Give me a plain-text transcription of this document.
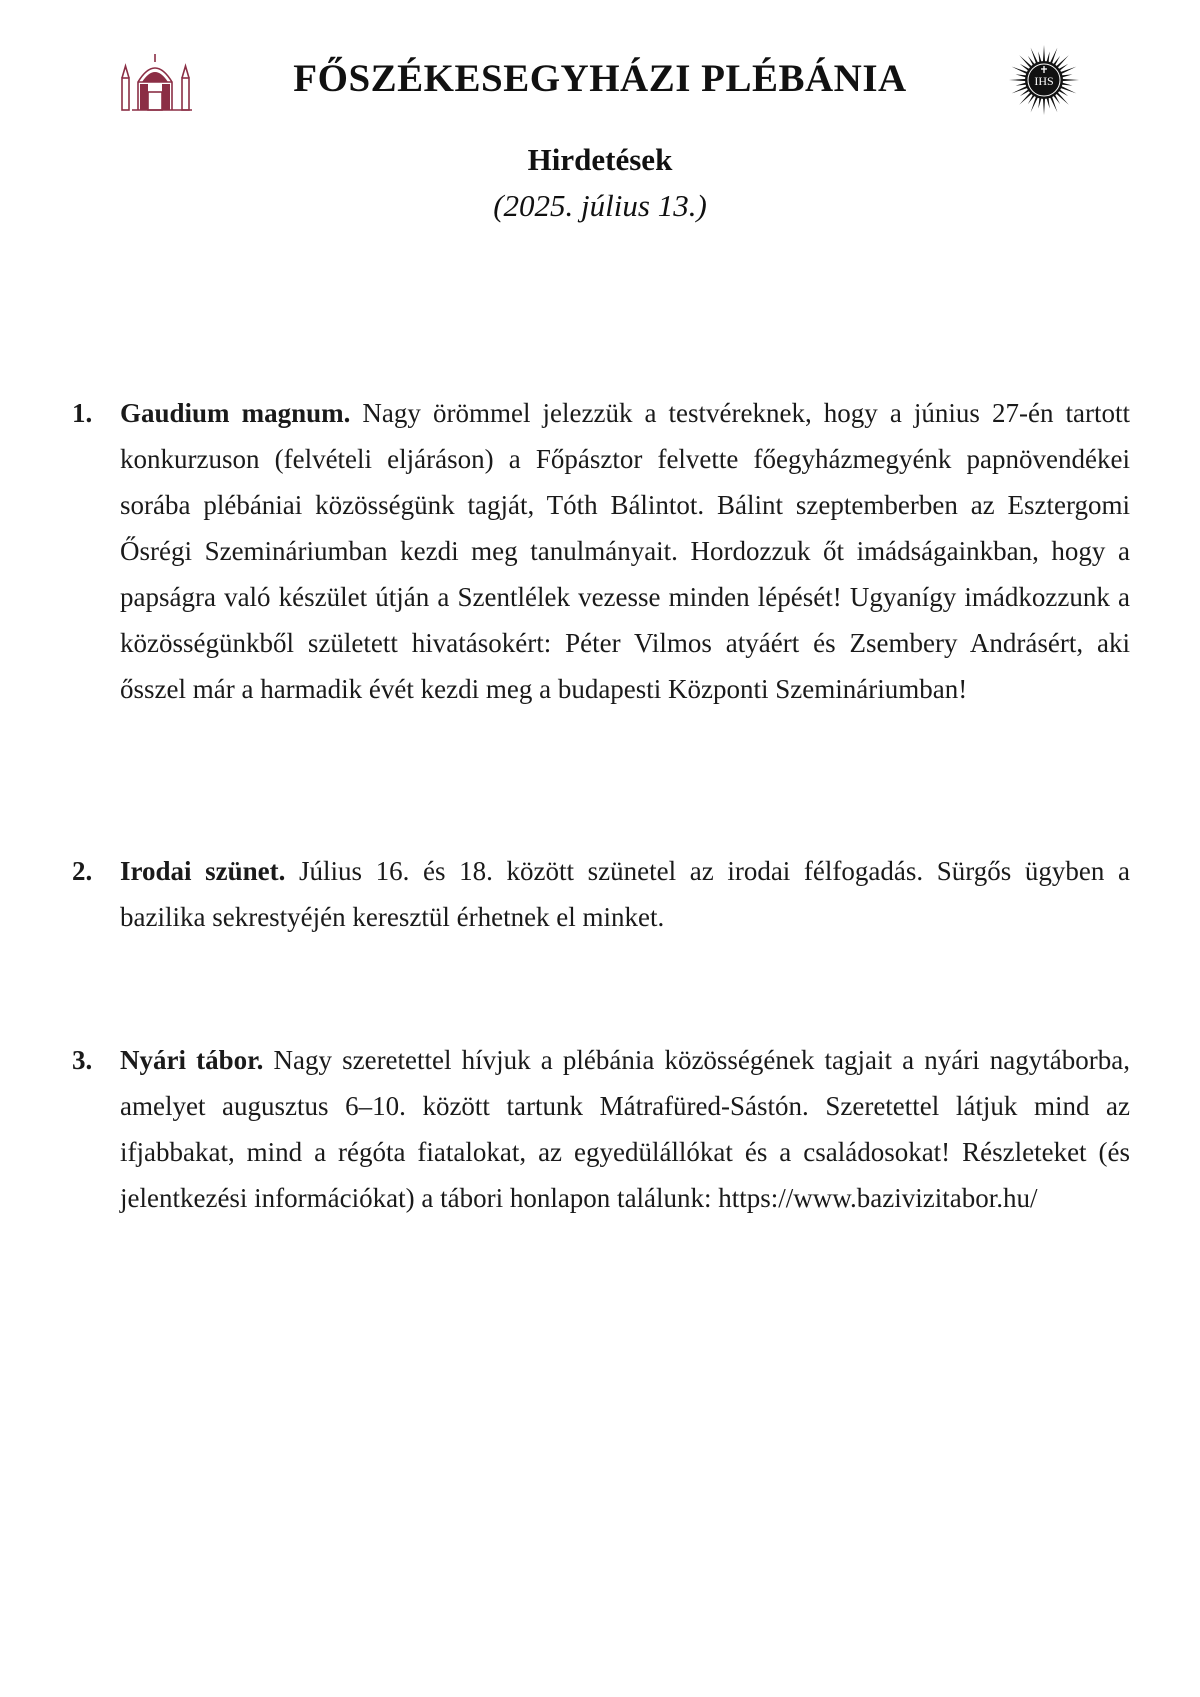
FŐSZÉKESEGYHÁZI PLÉBÁNIA	IHS
Hirdetések
(2025. július 13.)
1. Gaudium magnum. Nagy örömmel jelezzük a testvéreknek, hogy a június 27-én tartott konkurzuson (felvételi eljáráson) a Főpásztor felvette főegyházmegyénk papnövendékei sorába plébániai közösségünk tagját, Tóth Bálintot. Bálint szeptemberben az Esztergomi Ősrégi Szemináriumban kezdi meg tanulmányait. Hordozzuk őt imádságainkban, hogy a papságra való készület útján a Szentlélek vezesse minden lépését! Ugyanígy imádkozzunk a közösségünkből született hivatásokért: Péter Vilmos atyáért és Zsembery Andrásért, aki ősszel már a harmadik évét kezdi meg a budapesti Központi Szemináriumban!
2. Irodai szünet. Július 16. és 18. között szünetel az irodai félfogadás. Sürgős ügyben a bazilika sekrestyéjén keresztül érhetnek el minket.
3. Nyári tábor. Nagy szeretettel hívjuk a plébánia közösségének tagjait a nyári nagytáborba, amelyet augusztus 6–10. között tartunk Mátrafüred-Sástón. Szeretettel látjuk mind az ifjabbakat, mind a régóta fiatalokat, az egyedülállókat és a családosokat! Részleteket (és jelentkezési információkat) a tábori honlapon találunk: https://www.bazivizitabor.hu/
